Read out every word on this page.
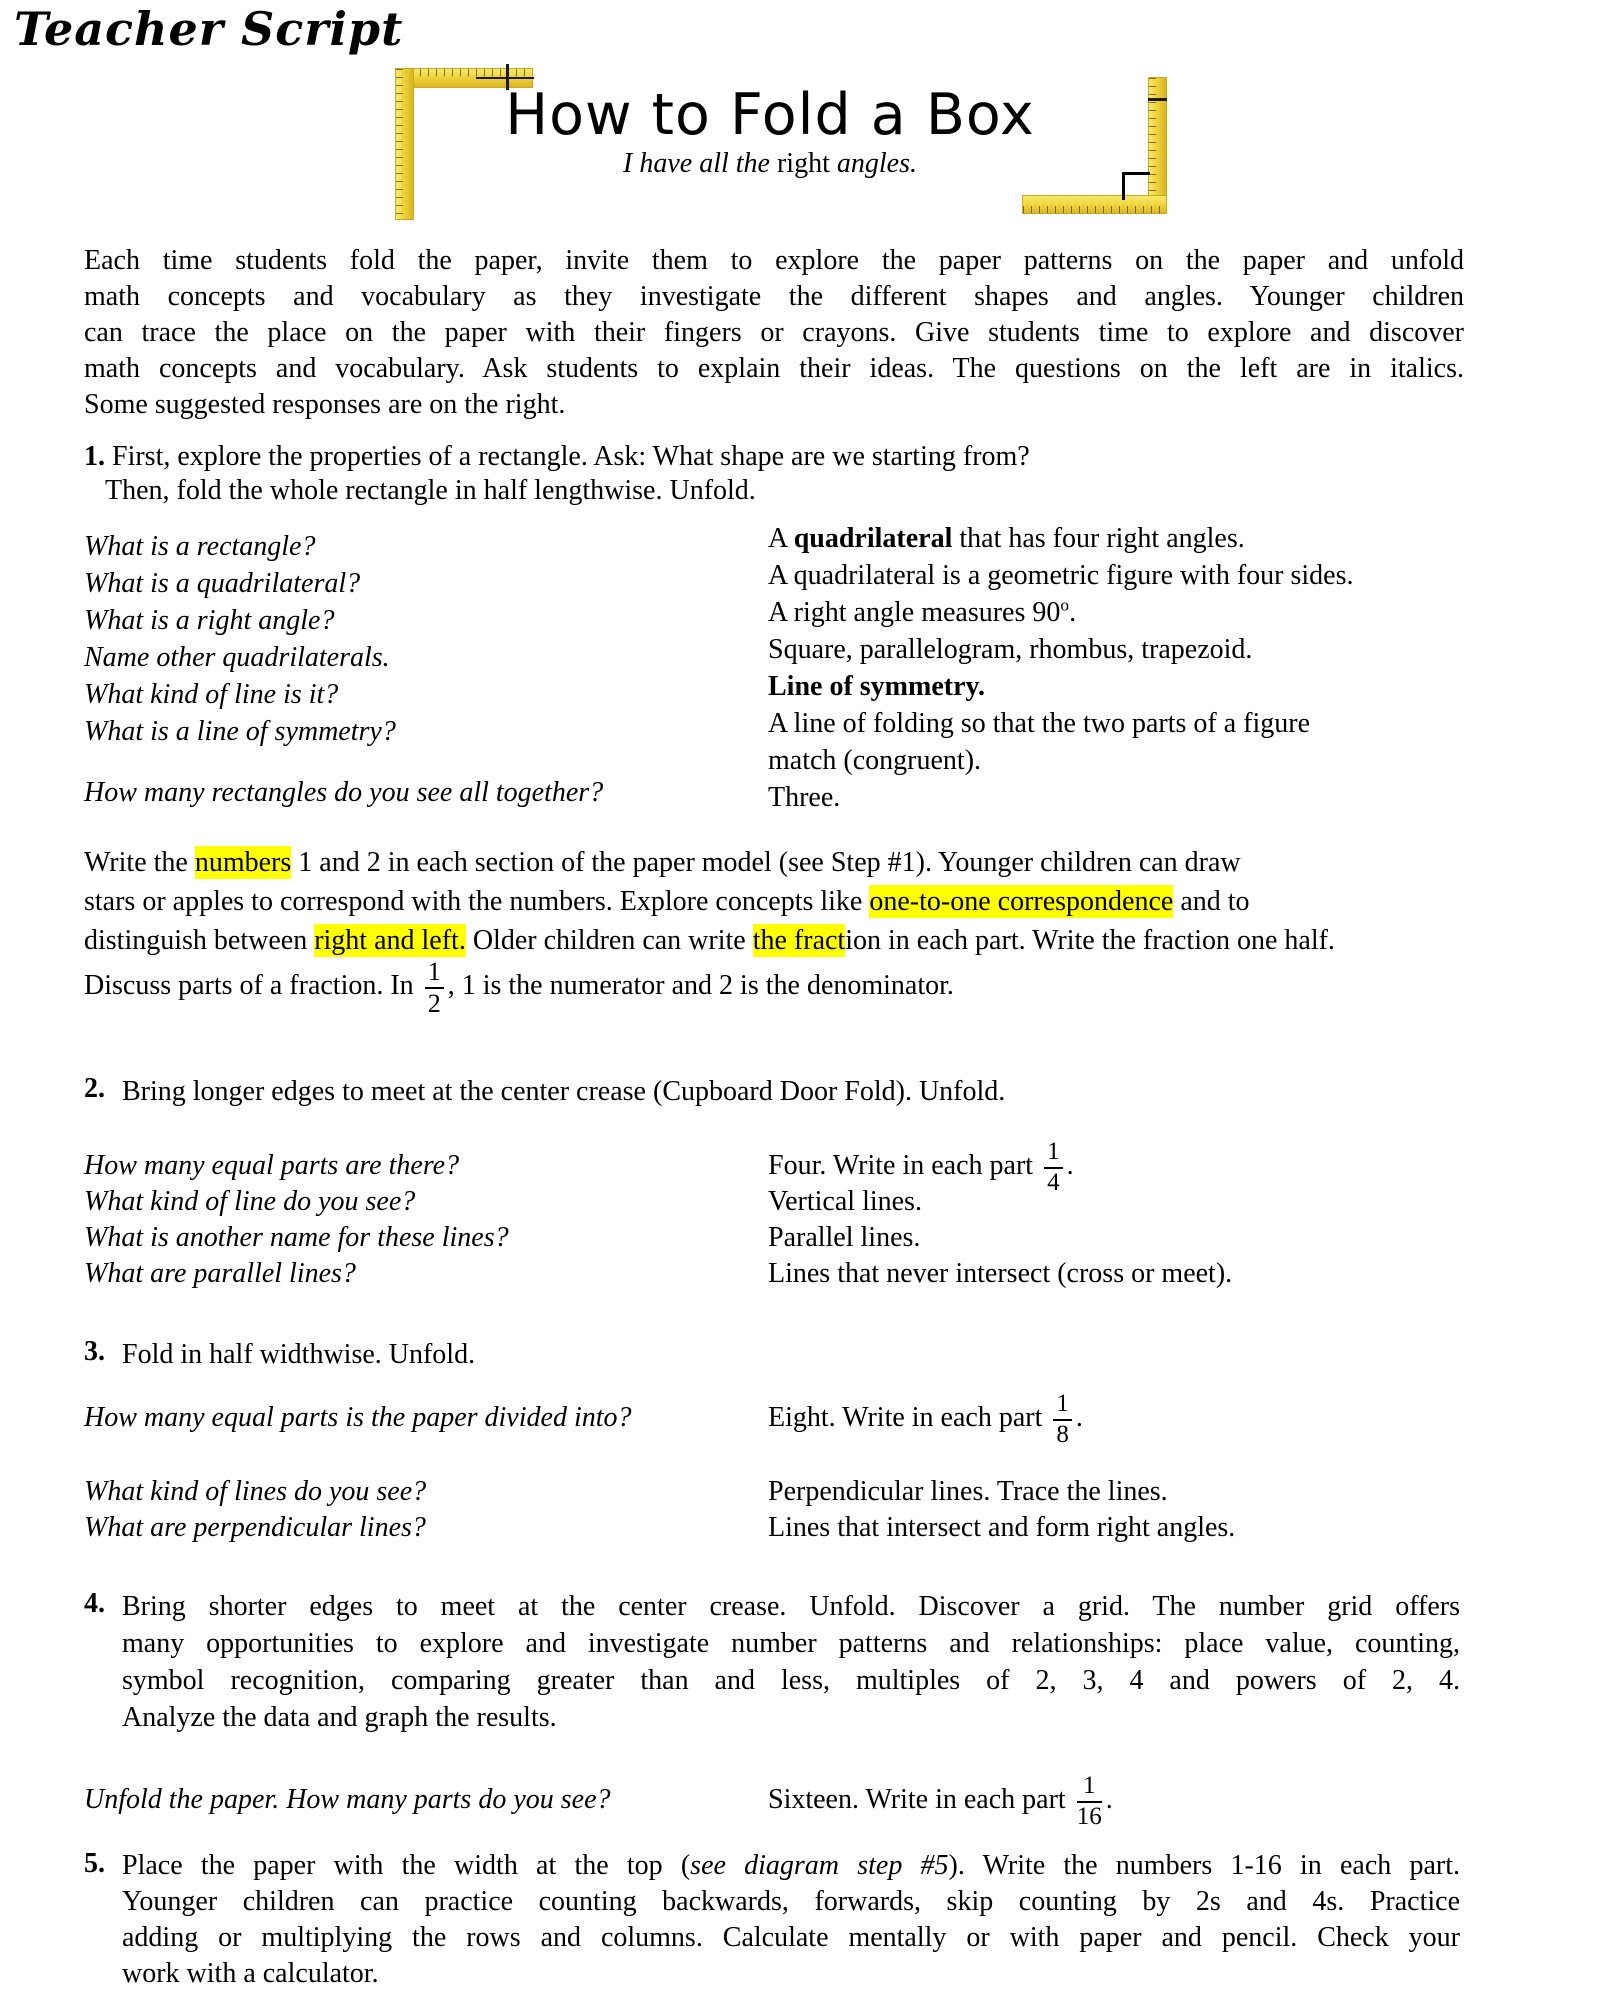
Teacher Script
How to Fold a Box
I have all the right angles.
Each time students fold the paper, invite them to explore the paper patterns on the paper and unfold
math concepts and vocabulary as they investigate the different shapes and angles. Younger children
can trace the place on the paper with their fingers or crayons. Give students time to explore and discover
math concepts and vocabulary. Ask students to explain their ideas. The questions on the left are in italics.
Some suggested responses are on the right.
1. First, explore the properties of a rectangle. Ask: What shape are we starting from?
Then, fold the whole rectangle in half lengthwise. Unfold.
What is a rectangle?
What is a quadrilateral?
What is a right angle?
Name other quadrilaterals.
What kind of line is it?
What is a line of symmetry?
How many rectangles do you see all together?
A quadrilateral that has four right angles.
A quadrilateral is a geometric figure with four sides.
A right angle measures 90$^o$.
Square, parallelogram, rhombus, trapezoid.
Line of symmetry.
A line of folding so that the two parts of a figure
match (congruent).
Three.
Write the numbers 1 and 2 in each section of the paper model (see Step #1). Younger children can draw
stars or apples to correspond with the numbers. Explore concepts like one-to-one correspondence and to
distinguish between right and left. Older children can write the fraction in each part. Write the fraction one half.
Discuss parts of a fraction. In $\frac{1}{2}$ , 1 is the numerator and 2 is the denominator.
2. Bring longer edges to meet at the center crease (Cupboard Door Fold). Unfold.
How many equal parts are there?
What kind of line do you see?
What is another name for these lines?
What are parallel lines?
Four. Write in each part $\frac{1}{4}$ .
Vertical lines.
Parallel lines.
Lines that never intersect (cross or meet).
3. Fold in half widthwise. Unfold.
How many equal parts is the paper divided into?
What kind of lines do you see?
What are perpendicular lines?
Eight. Write in each part $\frac{1}{8}$ .
Perpendicular lines. Trace the lines.
Lines that intersect and form right angles.
4. Bring shorter edges to meet at the center crease. Unfold. Discover a grid. The number grid offers
many opportunities to explore and investigate number patterns and relationships: place value, counting,
symbol recognition, comparing greater than and less, multiples of 2, 3, 4 and powers of 2, 4.
Analyze the data and graph the results.
Unfold the paper. How many parts do you see?	Sixteen. Write in each part $\frac{1}{16}$ .
5. Place the paper with the width at the top (see diagram step #5). Write the numbers 1-16 in each part.
Younger children can practice counting backwards, forwards, skip counting by 2s and 4s. Practice
adding or multiplying the rows and columns. Calculate mentally or with paper and pencil. Check your
work with a calculator.
